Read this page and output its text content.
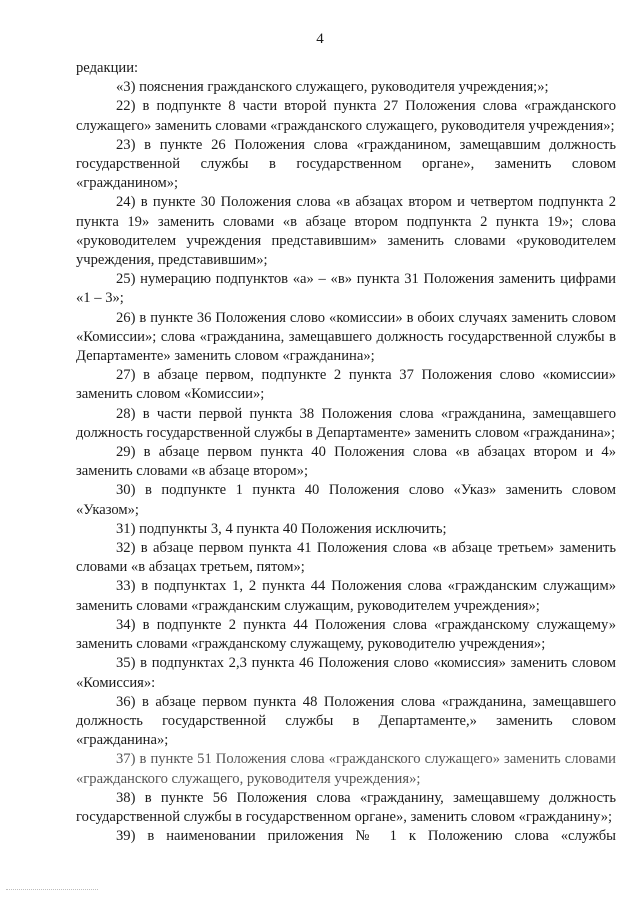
4

редакции:

«3) пояснения гражданского служащего, руководителя учреждения;»;

22) в подпункте 8 части второй пункта 27 Положения слова «гражданского служащего» заменить словами «гражданского служащего, руководителя учреждения»;

23) в пункте 26 Положения слова «гражданином, замещавшим должность государственной службы в государственном органе», заменить словом «гражданином»;

24) в пункте 30 Положения слова «в абзацах втором и четвертом подпункта 2 пункта 19» заменить словами «в абзаце втором подпункта 2 пункта 19»; слова «руководителем учреждения представившим» заменить словами «руководителем учреждения, представившим»;

25) нумерацию подпунктов «а» – «в» пункта 31 Положения заменить цифрами «1 – 3»;

26) в пункте 36 Положения слово «комиссии» в обоих случаях заменить словом «Комиссии»; слова «гражданина, замещавшего должность государственной службы в Департаменте» заменить словом «гражданина»;

27) в абзаце первом, подпункте 2 пункта 37 Положения слово «комиссии» заменить словом «Комиссии»;

28) в части первой пункта 38 Положения слова «гражданина, замещавшего должность государственной службы в Департаменте» заменить словом «гражданина»;

29) в абзаце первом пункта 40 Положения слова «в абзацах втором и 4» заменить словами «в абзаце втором»;

30) в подпункте 1 пункта 40 Положения слово «Указ» заменить словом «Указом»;

31) подпункты 3, 4 пункта 40 Положения исключить;

32) в абзаце первом пункта 41 Положения слова «в абзаце третьем» заменить словами «в абзацах третьем, пятом»;

33) в подпунктах 1, 2 пункта 44 Положения слова «гражданским служащим» заменить словами «гражданским служащим, руководителем учреждения»;

34) в подпункте 2 пункта 44 Положения слова «гражданскому служащему» заменить словами «гражданскому служащему, руководителю учреждения»;

35) в подпунктах 2,3 пункта 46 Положения слово «комиссия» заменить словом «Комиссия»:

36) в абзаце первом пункта 48 Положения слова «гражданина, замещавшего должность государственной службы в Департаменте,» заменить словом «гражданина»;

37) в пункте 51 Положения слова «гражданского служащего» заменить словами «гражданского служащего, руководителя учреждения»;

38) в пункте 56 Положения слова «гражданину, замещавшему должность государственной службы в государственном органе», заменить словом «гражданину»;

39) в наименовании приложения № 1 к Положению слова «службы
